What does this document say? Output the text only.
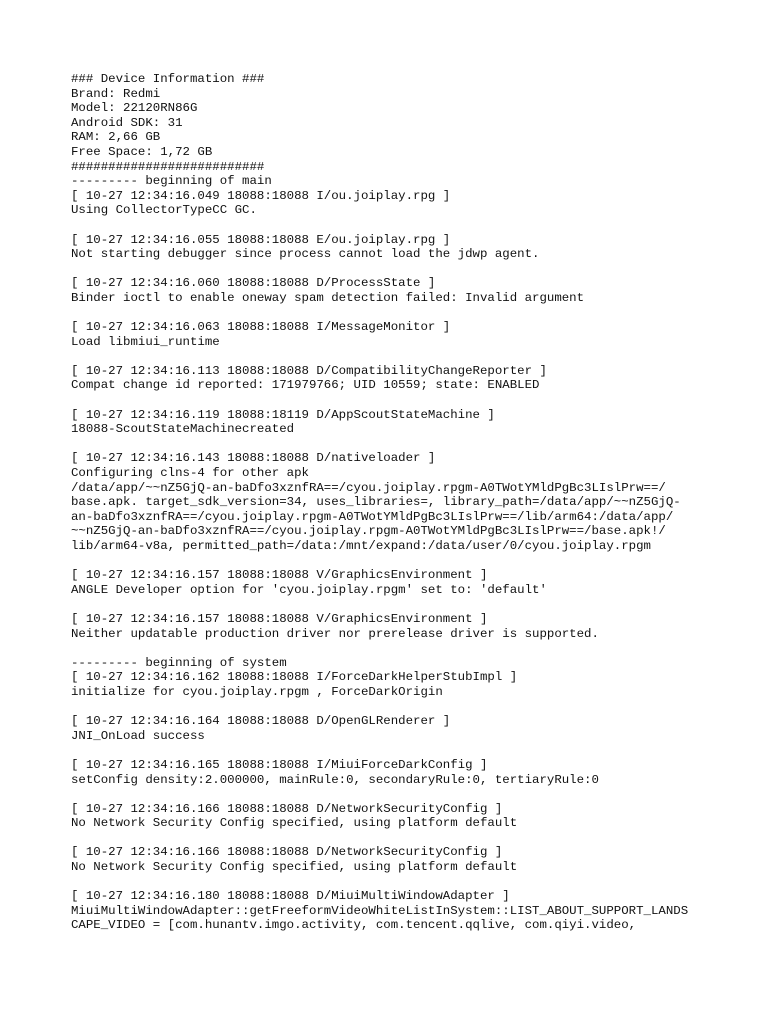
### Device Information ###
Brand: Redmi
Model: 22120RN86G
Android SDK: 31
RAM: 2,66 GB
Free Space: 1,72 GB
##########################
--------- beginning of main
[ 10-27 12:34:16.049 18088:18088 I/ou.joiplay.rpg ]
Using CollectorTypeCC GC.
[ 10-27 12:34:16.055 18088:18088 E/ou.joiplay.rpg ]
Not starting debugger since process cannot load the jdwp agent.
[ 10-27 12:34:16.060 18088:18088 D/ProcessState ]
Binder ioctl to enable oneway spam detection failed: Invalid argument
[ 10-27 12:34:16.063 18088:18088 I/MessageMonitor ]
Load libmiui_runtime
[ 10-27 12:34:16.113 18088:18088 D/CompatibilityChangeReporter ]
Compat change id reported: 171979766; UID 10559; state: ENABLED
[ 10-27 12:34:16.119 18088:18119 D/AppScoutStateMachine ]
18088-ScoutStateMachinecreated
[ 10-27 12:34:16.143 18088:18088 D/nativeloader ]
Configuring clns-4 for other apk
/data/app/~~nZ5GjQ-an-baDfo3xznfRA==/cyou.joiplay.rpgm-A0TWotYMldPgBc3LIslPrw==/
base.apk. target_sdk_version=34, uses_libraries=, library_path=/data/app/~~nZ5GjQ-
an-baDfo3xznfRA==/cyou.joiplay.rpgm-A0TWotYMldPgBc3LIslPrw==/lib/arm64:/data/app/
~~nZ5GjQ-an-baDfo3xznfRA==/cyou.joiplay.rpgm-A0TWotYMldPgBc3LIslPrw==/base.apk!/
lib/arm64-v8a, permitted_path=/data:/mnt/expand:/data/user/0/cyou.joiplay.rpgm
[ 10-27 12:34:16.157 18088:18088 V/GraphicsEnvironment ]
ANGLE Developer option for 'cyou.joiplay.rpgm' set to: 'default'
[ 10-27 12:34:16.157 18088:18088 V/GraphicsEnvironment ]
Neither updatable production driver nor prerelease driver is supported.
--------- beginning of system
[ 10-27 12:34:16.162 18088:18088 I/ForceDarkHelperStubImpl ]
initialize for cyou.joiplay.rpgm , ForceDarkOrigin
[ 10-27 12:34:16.164 18088:18088 D/OpenGLRenderer ]
JNI_OnLoad success
[ 10-27 12:34:16.165 18088:18088 I/MiuiForceDarkConfig ]
setConfig density:2.000000, mainRule:0, secondaryRule:0, tertiaryRule:0
[ 10-27 12:34:16.166 18088:18088 D/NetworkSecurityConfig ]
No Network Security Config specified, using platform default
[ 10-27 12:34:16.166 18088:18088 D/NetworkSecurityConfig ]
No Network Security Config specified, using platform default
[ 10-27 12:34:16.180 18088:18088 D/MiuiMultiWindowAdapter ]
MiuiMultiWindowAdapter::getFreeformVideoWhiteListInSystem::LIST_ABOUT_SUPPORT_LANDS
CAPE_VIDEO = [com.hunantv.imgo.activity, com.tencent.qqlive, com.qiyi.video,
